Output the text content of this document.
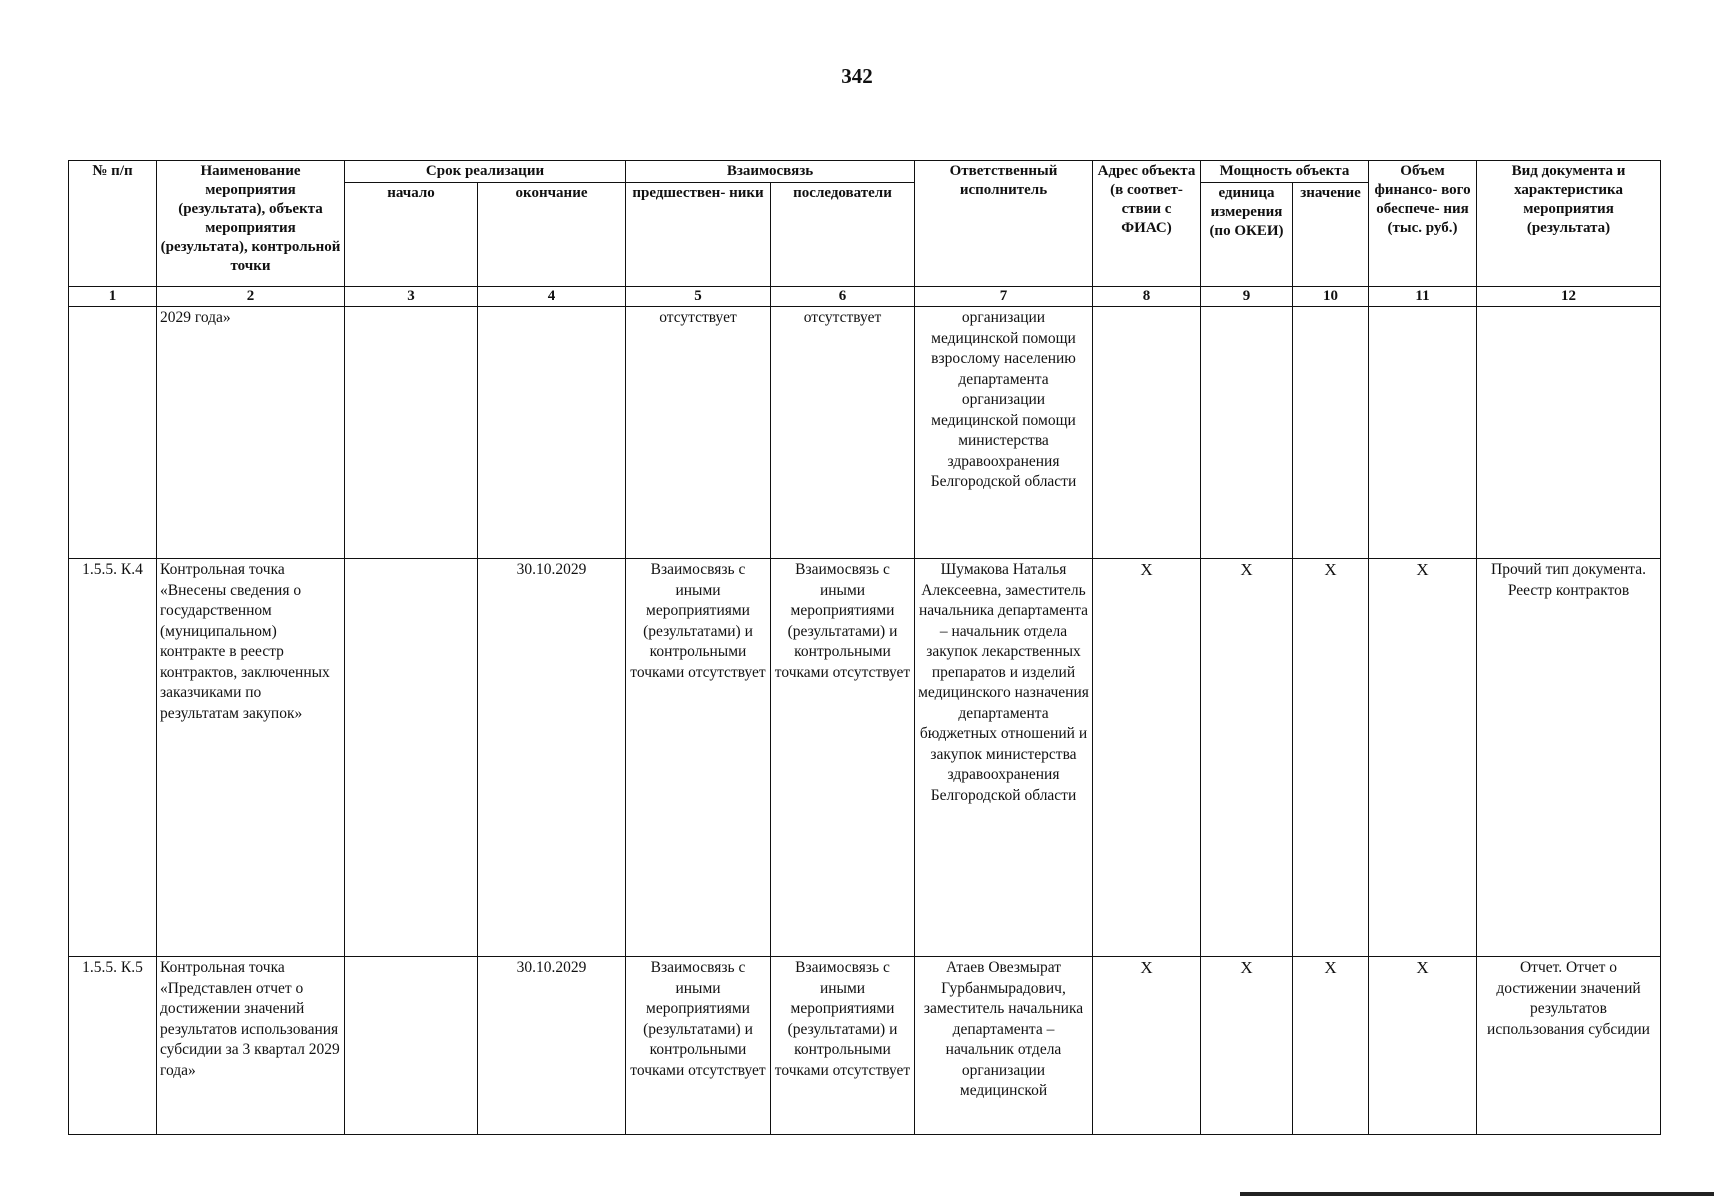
342
№ п/п	Наименование мероприятия (результата), объекта мероприятия (результата), контрольной точки	Срок реализации		Взаимосвязь		Ответственный исполнитель	Адрес объекта (в соответ- ствии с ФИАС)	Мощность объекта		Объем финансо- вого обеспече- ния (тыс. руб.)	Вид документа и характеристика мероприятия (результата)
		начало	окончание	предшествен- ники	последователи			единица измерения (по ОКЕИ)	значение		
1	2	3	4	5	6	7	8	9	10	11	12
	2029 года»			отсутствует	отсутствует	организации медицинской помощи взрослому населению департамента организации медицинской помощи министерства здравоохранения Белгородской области					
1.5.5. К.4	Контрольная точка «Внесены сведения о государственном (муниципальном) контракте в реестр контрактов, заключенных заказчиками по результатам закупок»		30.10.2029	Взаимосвязь с иными мероприятиями (результатами) и контрольными точками отсутствует	Взаимосвязь с иными мероприятиями (результатами) и контрольными точками отсутствует	Шумакова Наталья Алексеевна, заместитель начальника департамента – начальник отдела закупок лекарственных препаратов и изделий медицинского назначения департамента бюджетных отношений и закупок министерства здравоохранения Белгородской области	Х	Х	Х	Х	Прочий тип документа. Реестр контрактов
1.5.5. К.5	Контрольная точка «Представлен отчет о достижении значений результатов использования субсидии за 3 квартал 2029 года»		30.10.2029	Взаимосвязь с иными мероприятиями (результатами) и контрольными точками отсутствует	Взаимосвязь с иными мероприятиями (результатами) и контрольными точками отсутствует	Атаев Овезмырат Гурбанмырадович, заместитель начальника департамента – начальник отдела организации медицинской	Х	Х	Х	Х	Отчет. Отчет о достижении значений результатов использования субсидии
